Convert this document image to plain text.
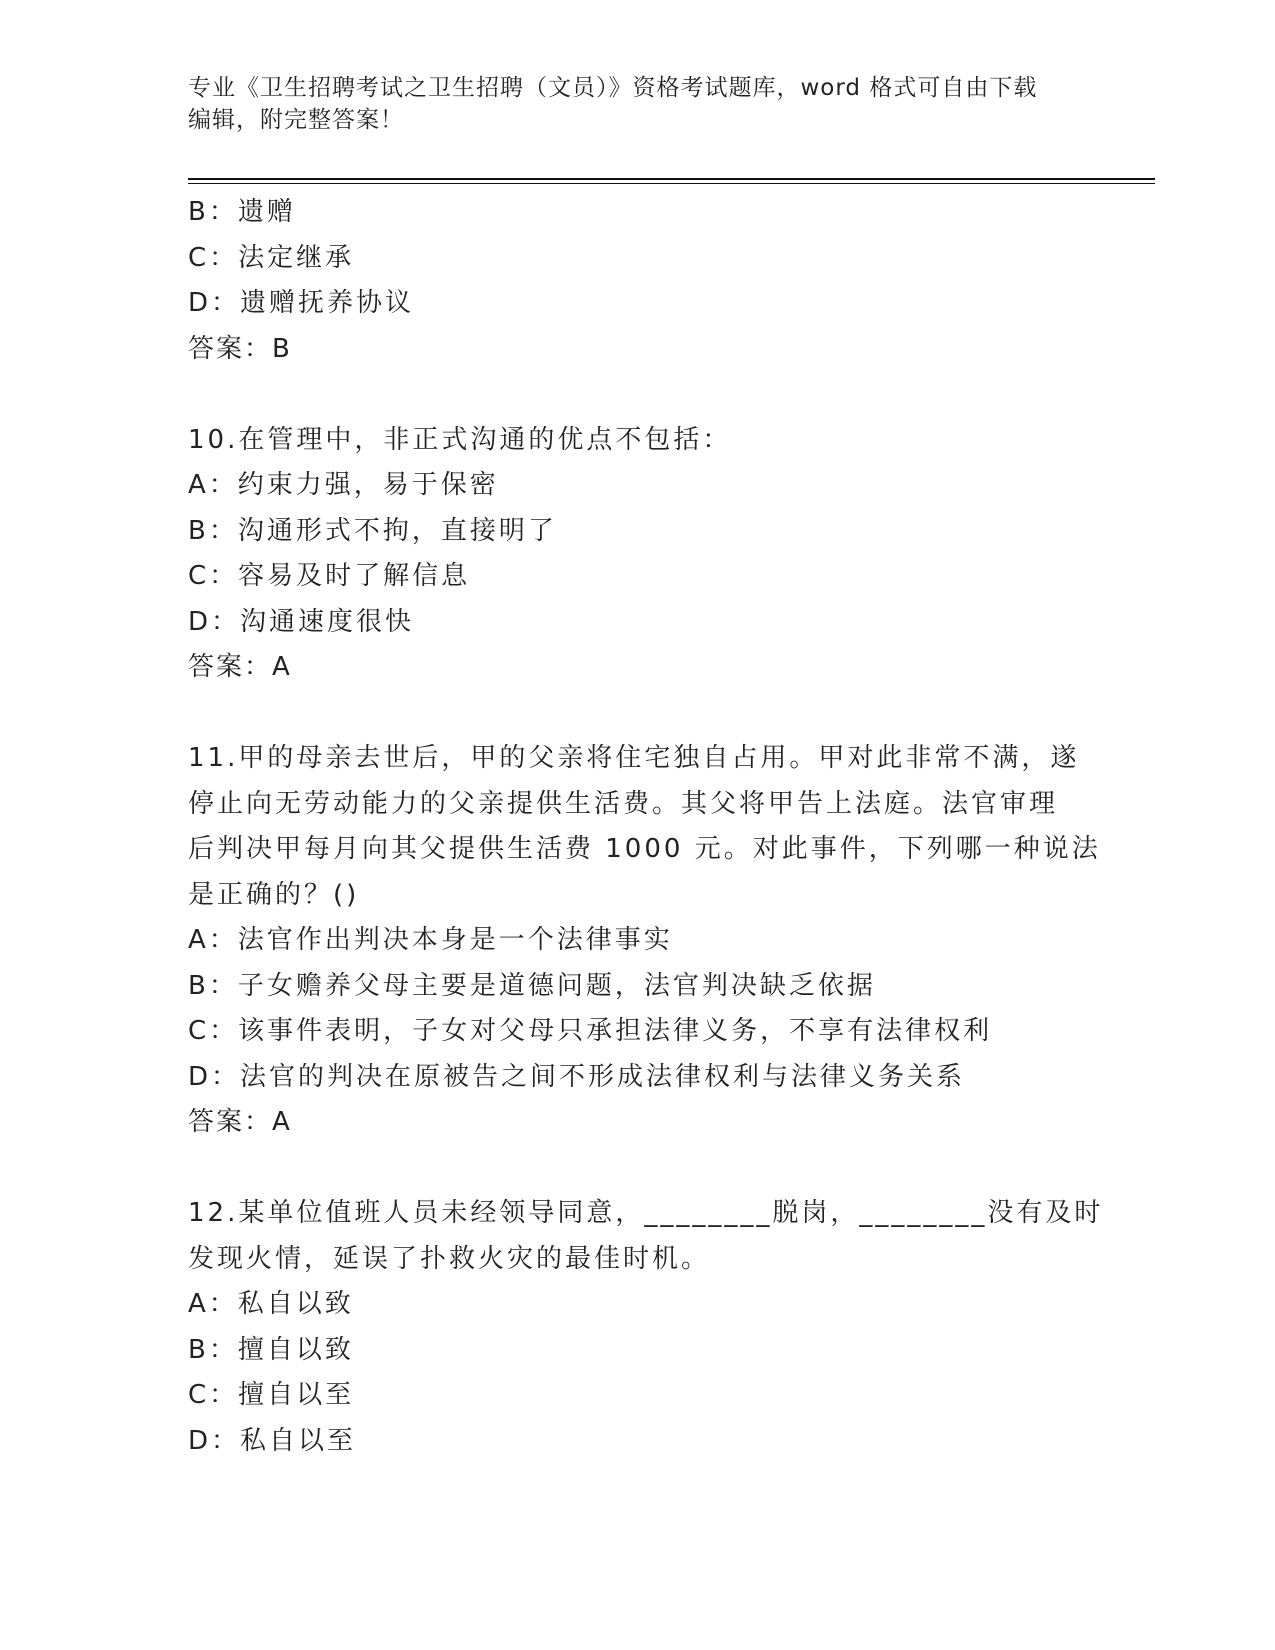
专业《卫生招聘考试之卫生招聘（文员）》资格考试题库，word 格式可自由下载
编辑，附完整答案！
B：遗赠
C：法定继承
D：遗赠抚养协议
答案：B
10.在管理中，非正式沟通的优点不包括：
A：约束力强，易于保密
B：沟通形式不拘，直接明了
C：容易及时了解信息
D：沟通速度很快
答案：A
11.甲的母亲去世后，甲的父亲将住宅独自占用。甲对此非常不满，遂
停止向无劳动能力的父亲提供生活费。其父将甲告上法庭。法官审理
后判决甲每月向其父提供生活费 1000 元。对此事件，下列哪一种说法
是正确的？()
A：法官作出判决本身是一个法律事实
B：子女赡养父母主要是道德问题，法官判决缺乏依据
C：该事件表明，子女对父母只承担法律义务，不享有法律权利
D：法官的判决在原被告之间不形成法律权利与法律义务关系
答案：A
12.某单位值班人员未经领导同意，________脱岗，________没有及时
发现火情，延误了扑救火灾的最佳时机。
A：私自以致
B：擅自以致
C：擅自以至
D：私自以至
